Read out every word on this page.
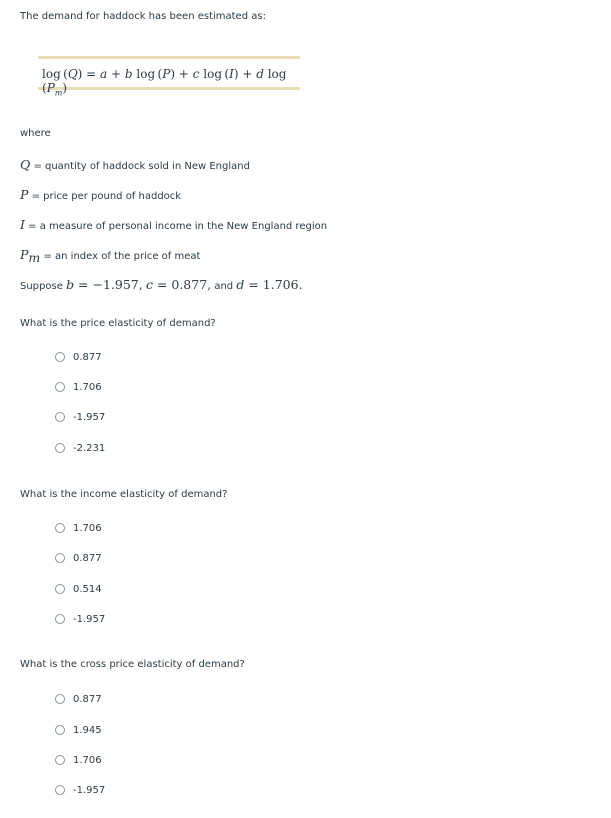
The demand for haddock has been estimated as:
log (Q) = a + b log (P) + c log (I) + d $\log (P_m)$
where
Q = quantity of haddock sold in New England
P = price per pound of haddock
I = a measure of personal income in the New England region
$P_m$ = an index of the price of meat
Suppose b = −1.957, c = 0.877, and d = 1.706.
What is the price elasticity of demand?
0.877
1.706
-1.957
-2.231
What is the income elasticity of demand?
1.706
0.877
0.514
-1.957
What is the cross price elasticity of demand?
0.877
1.945
1.706
-1.957
